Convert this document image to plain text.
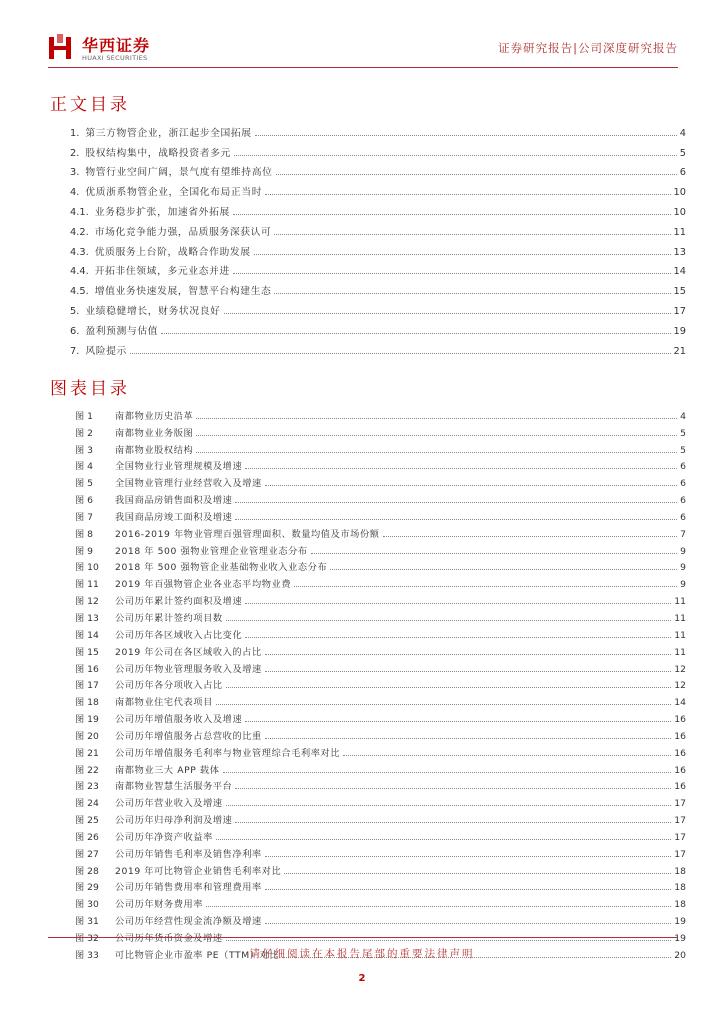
华西证券
HUAXI SECURITIES
证券研究报告|公司深度研究报告
正文目录
1. 第三方物管企业，浙江起步全国拓展	4
2. 股权结构集中，战略投资者多元	5
3. 物管行业空间广阔，景气度有望维持高位	6
4. 优质浙系物管企业，全国化布局正当时	10
4.1. 业务稳步扩张，加速省外拓展	10
4.2. 市场化竞争能力强，品质服务深获认可	11
4.3. 优质服务上台阶，战略合作助发展	13
4.4. 开拓非住领域，多元业态并进	14
4.5. 增值业务快速发展，智慧平台构建生态	15
5. 业绩稳健增长，财务状况良好	17
6. 盈利预测与估值	19
7. 风险提示	21
图表目录
图 1	南都物业历史沿革	4
图 2	南都物业业务版图	5
图 3	南都物业股权结构	5
图 4	全国物业行业管理规模及增速	6
图 5	全国物业管理行业经营收入及增速	6
图 6	我国商品房销售面积及增速	6
图 7	我国商品房竣工面积及增速	6
图 8	2016-2019 年物业管理百强管理面积、数量均值及市场份额	7
图 9	2018 年 500 强物业管理企业管理业态分布	9
图 10	2018 年 500 强物管企业基础物业收入业态分布	9
图 11	2019 年百强物管企业各业态平均物业费	9
图 12	公司历年累计签约面积及增速	11
图 13	公司历年累计签约项目数	11
图 14	公司历年各区域收入占比变化	11
图 15	2019 年公司在各区域收入的占比	11
图 16	公司历年物业管理服务收入及增速	12
图 17	公司历年各分项收入占比	12
图 18	南都物业住宅代表项目	14
图 19	公司历年增值服务收入及增速	16
图 20	公司历年增值服务占总营收的比重	16
图 21	公司历年增值服务毛利率与物业管理综合毛利率对比	16
图 22	南都物业三大 APP 载体	16
图 23	南都物业智慧生活服务平台	16
图 24	公司历年营业收入及增速	17
图 25	公司历年归母净利润及增速	17
图 26	公司历年净资产收益率	17
图 27	公司历年销售毛利率及销售净利率	17
图 28	2019 年可比物管企业销售毛利率对比	18
图 29	公司历年销售费用率和管理费用率	18
图 30	公司历年财务费用率	18
图 31	公司历年经营性现金流净额及增速	19
图 32	公司历年货币资金及增速	19
图 33	可比物管企业市盈率 PE（TTM）对比	20
请仔细阅读在本报告尾部的重要法律声明
2
